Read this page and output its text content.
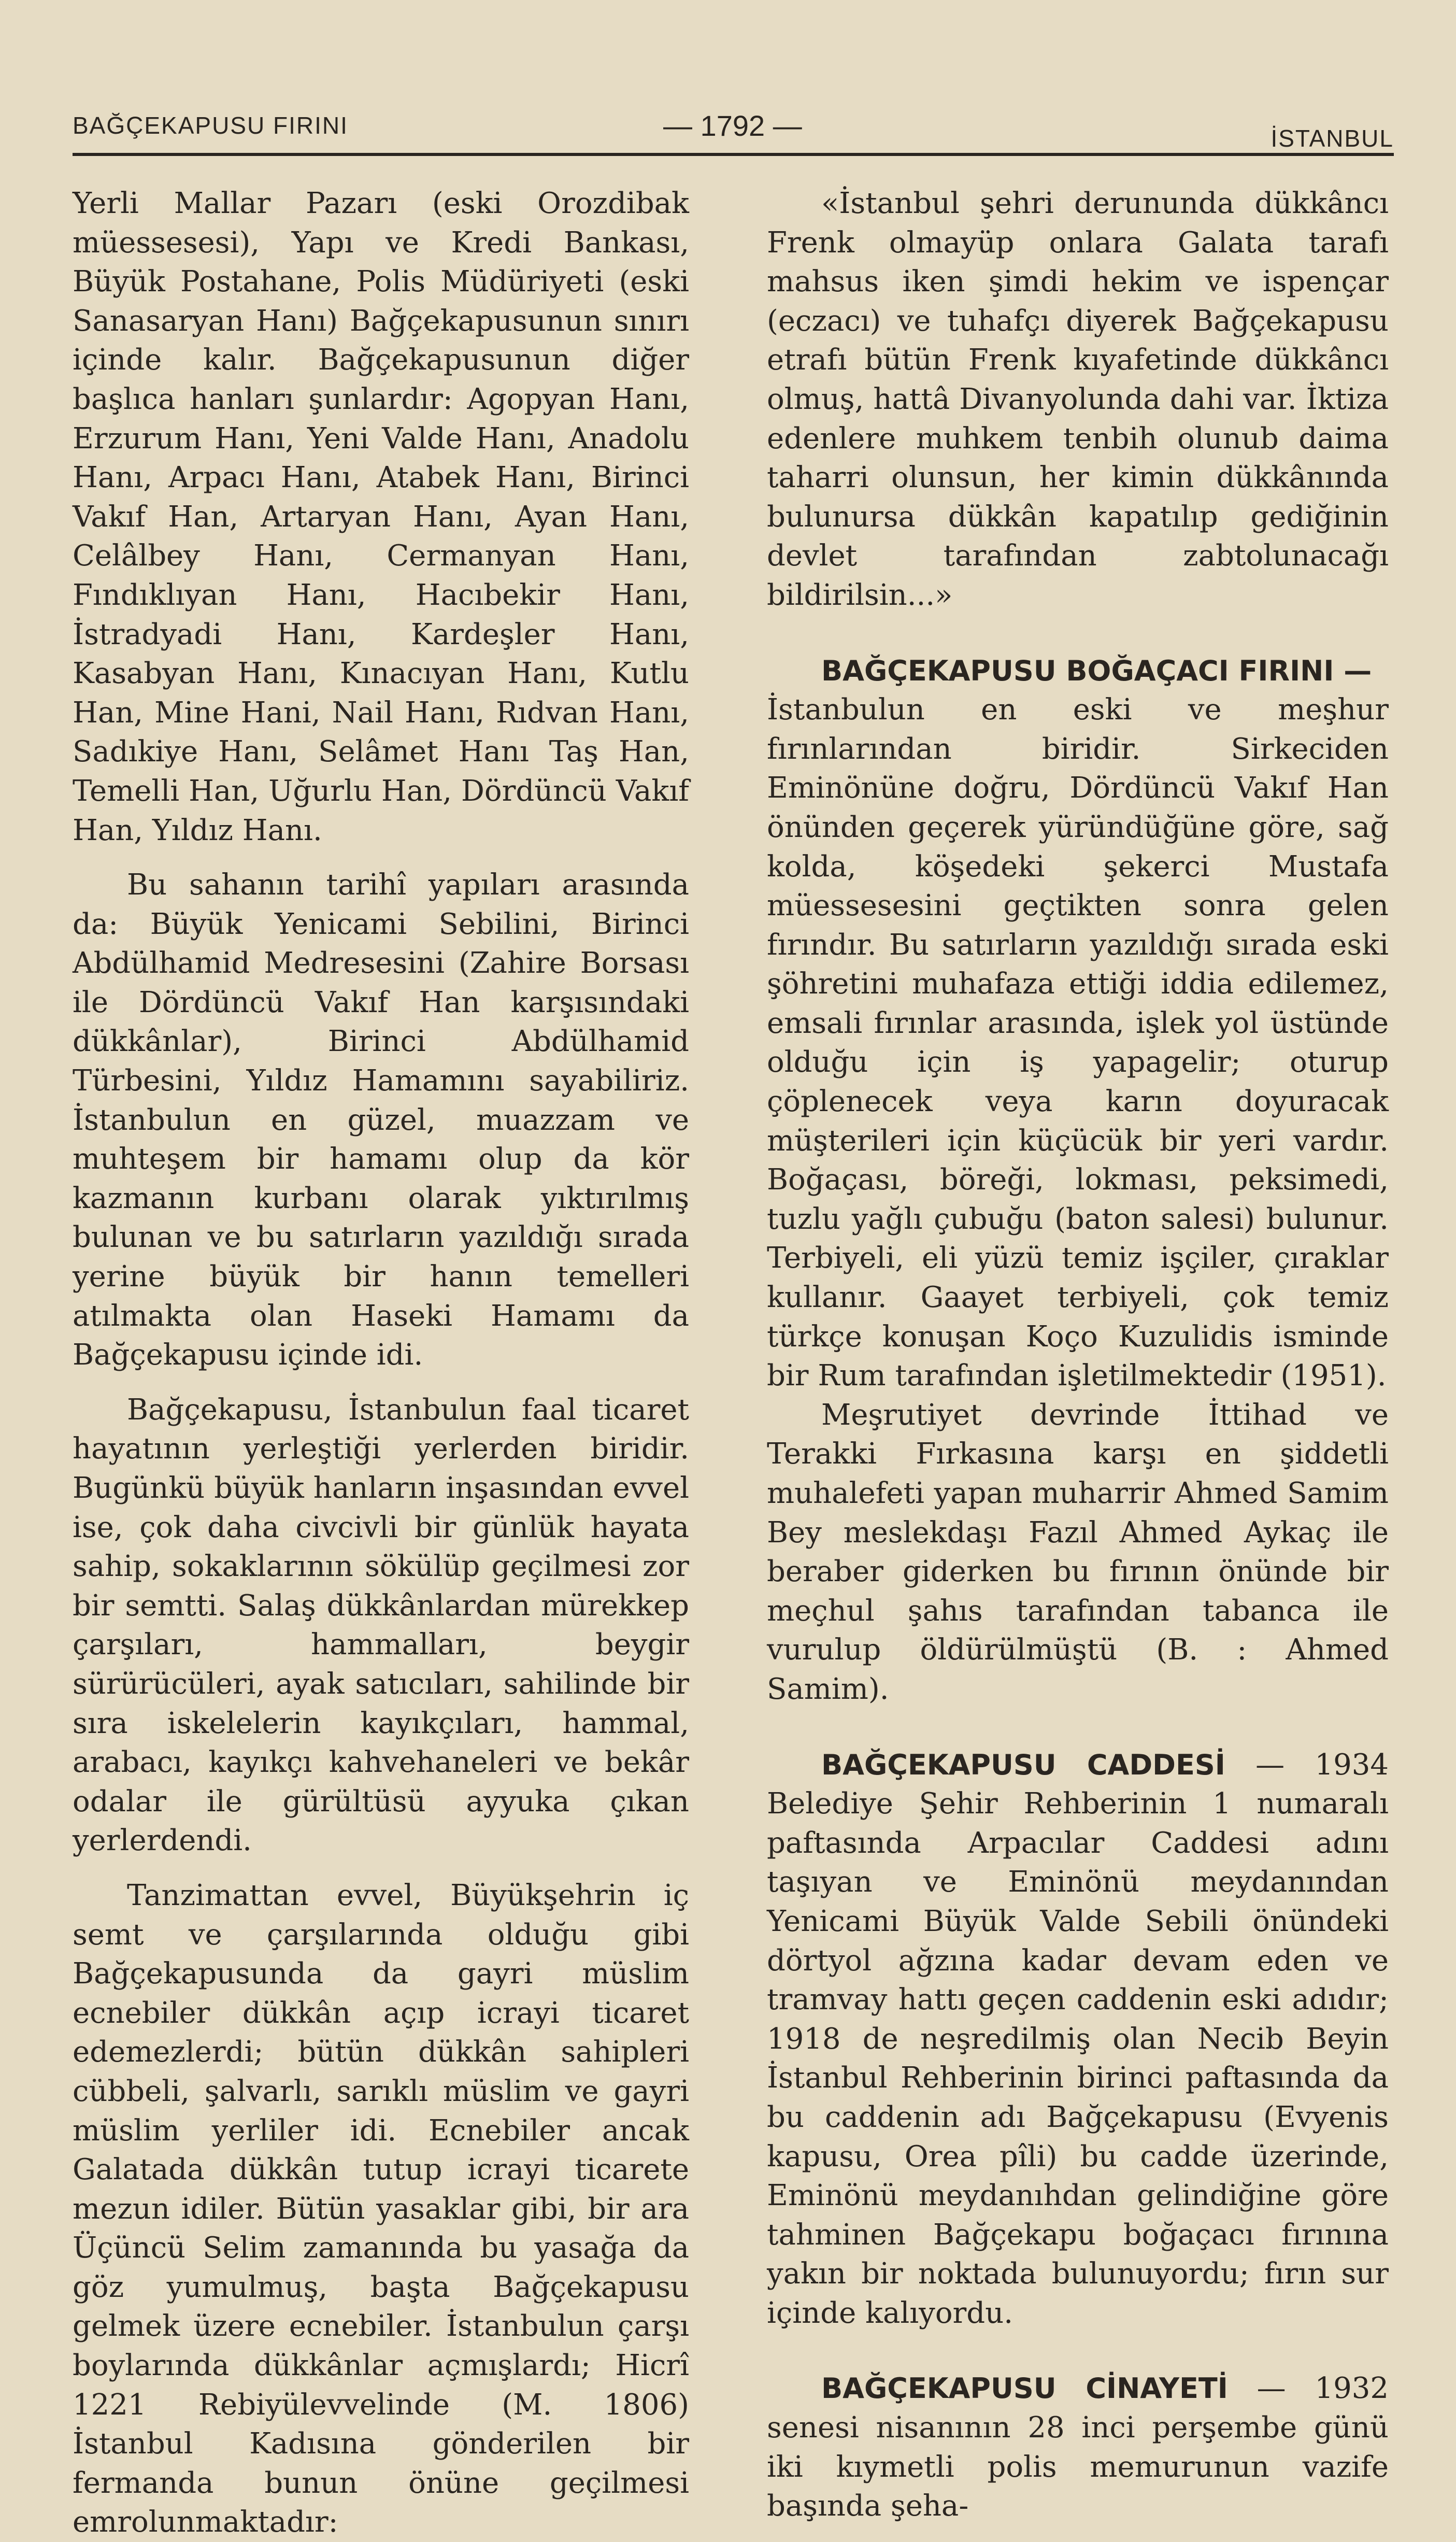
BAĞÇEKAPUSU FIRINI	— 1792 —	İSTANBUL

Yerli Mallar Pazarı (eski Orozdibak müessesesi), Yapı ve Kredi Bankası, Büyük Postahane, Polis Müdüriyeti (eski Sanasaryan Hanı) Bağçekapusunun sınırı içinde kalır. Bağçekapusunun diğer başlıca hanları şunlardır: Agopyan Hanı, Erzurum Hanı, Yeni Valde Hanı, Anadolu Hanı, Arpacı Hanı, Atabek Hanı, Birinci Vakıf Han, Artaryan Hanı, Ayan Hanı, Celâlbey Hanı, Cermanyan Hanı, Fındıklıyan Hanı, Hacıbekir Hanı, İstradyadi Hanı, Kardeşler Hanı, Kasabyan Hanı, Kınacıyan Hanı, Kutlu Han, Mine Hani, Nail Hanı, Rıdvan Hanı, Sadıkiye Hanı, Selâmet Hanı Taş Han, Temelli Han, Uğurlu Han, Dördüncü Vakıf Han, Yıldız Hanı.

Bu sahanın tarihî yapıları arasında da: Büyük Yenicami Sebilini, Birinci Abdülhamid Medresesini (Zahire Borsası ile Dördüncü Vakıf Han karşısındaki dükkânlar), Birinci Abdülhamid Türbesini, Yıldız Hamamını sayabiliriz. İstanbulun en güzel, muazzam ve muhteşem bir hamamı olup da kör kazmanın kurbanı olarak yıktırılmış bulunan ve bu satırların yazıldığı sırada yerine büyük bir hanın temelleri atılmakta olan Haseki Hamamı da Bağçekapusu içinde idi.

Bağçekapusu, İstanbulun faal ticaret hayatının yerleştiği yerlerden biridir. Bugünkü büyük hanların inşasından evvel ise, çok daha civcivli bir günlük hayata sahip, sokaklarının sökülüp geçilmesi zor bir semtti. Salaş dükkânlardan mürekkep çarşıları, hammalları, beygir sürürücüleri, ayak satıcıları, sahilinde bir sıra iskelelerin kayıkçıları, hammal, arabacı, kayıkçı kahvehaneleri ve bekâr odalar ile gürültüsü ayyuka çıkan yerlerdendi.

Tanzimattan evvel, Büyükşehrin iç semt ve çarşılarında olduğu gibi Bağçekapusunda da gayri müslim ecnebiler dükkân açıp icrayi ticaret edemezlerdi; bütün dükkân sahipleri cübbeli, şalvarlı, sarıklı müslim ve gayri müslim yerliler idi. Ecnebiler ancak Galatada dükkân tutup icrayi ticarete mezun idiler. Bütün yasaklar gibi, bir ara Üçüncü Selim zamanında bu yasağa da göz yumulmuş, başta Bağçekapusu gelmek üzere ecnebiler. İstanbulun çarşı boylarında dükkânlar açmışlardı; Hicrî 1221 Rebiyülevvelinde (M. 1806) İstanbul Kadısına gönderilen bir fermanda bunun önüne geçilmesi emrolunmaktadır:

«İstanbul şehri derununda dükkâncı Frenk olmayüp onlara Galata tarafı mahsus iken şimdi hekim ve ispençar (eczacı) ve tuhafçı diyerek Bağçekapusu etrafı bütün Frenk kıyafetinde dükkâncı olmuş, hattâ Divanyolunda dahi var. İktiza edenlere muhkem tenbih olunub daima taharri olunsun, her kimin dükkânında bulunursa dükkân kapatılıp gediğinin devlet tarafından zabtolunacağı bildirilsin...»

BAĞÇEKAPUSU BOĞAÇACI FIRINI —

İstanbulun en eski ve meşhur fırınlarından biridir. Sirkeciden Eminönüne doğru, Dördüncü Vakıf Han önünden geçerek yüründüğüne göre, sağ kolda, köşedeki şekerci Mustafa müessesesini geçtikten sonra gelen fırındır. Bu satırların yazıldığı sırada eski şöhretini muhafaza ettiği iddia edilemez, emsali fırınlar arasında, işlek yol üstünde olduğu için iş yapagelir; oturup çöplenecek veya karın doyuracak müşterileri için küçücük bir yeri vardır. Boğaçası, böreği, lokması, peksimedi, tuzlu yağlı çubuğu (baton salesi) bulunur. Terbiyeli, eli yüzü temiz işçiler, çıraklar kullanır. Gaayet terbiyeli, çok temiz türkçe konuşan Koço Kuzulidis isminde bir Rum tarafından işletilmektedir (1951).

Meşrutiyet devrinde İttihad ve Terakki Fırkasına karşı en şiddetli muhalefeti yapan muharrir Ahmed Samim Bey meslekdaşı Fazıl Ahmed Aykaç ile beraber giderken bu fırının önünde bir meçhul şahıs tarafından tabanca ile vurulup öldürülmüştü (B. : Ahmed Samim).

BAĞÇEKAPUSU CADDESİ — 1934 Belediye Şehir Rehberinin 1 numaralı paftasında Arpacılar Caddesi adını taşıyan ve Eminönü meydanından Yenicami Büyük Valde Sebili önündeki dörtyol ağzına kadar devam eden ve tramvay hattı geçen caddenin eski adıdır; 1918 de neşredilmiş olan Necib Beyin İstanbul Rehberinin birinci paftasında da bu caddenin adı Bağçekapusu (Evyenis kapusu, Orea pîli) bu cadde üzerinde, Eminönü meydanıhdan gelindiğine göre tahminen Bağçekapu boğaçacı fırınına yakın bir noktada bulunuyordu; fırın sur içinde kalıyordu.

BAĞÇEKAPUSU CİNAYETİ — 1932 senesi nisanının 28 inci perşembe günü iki kıymetli polis memurunun vazife başında şeha-
